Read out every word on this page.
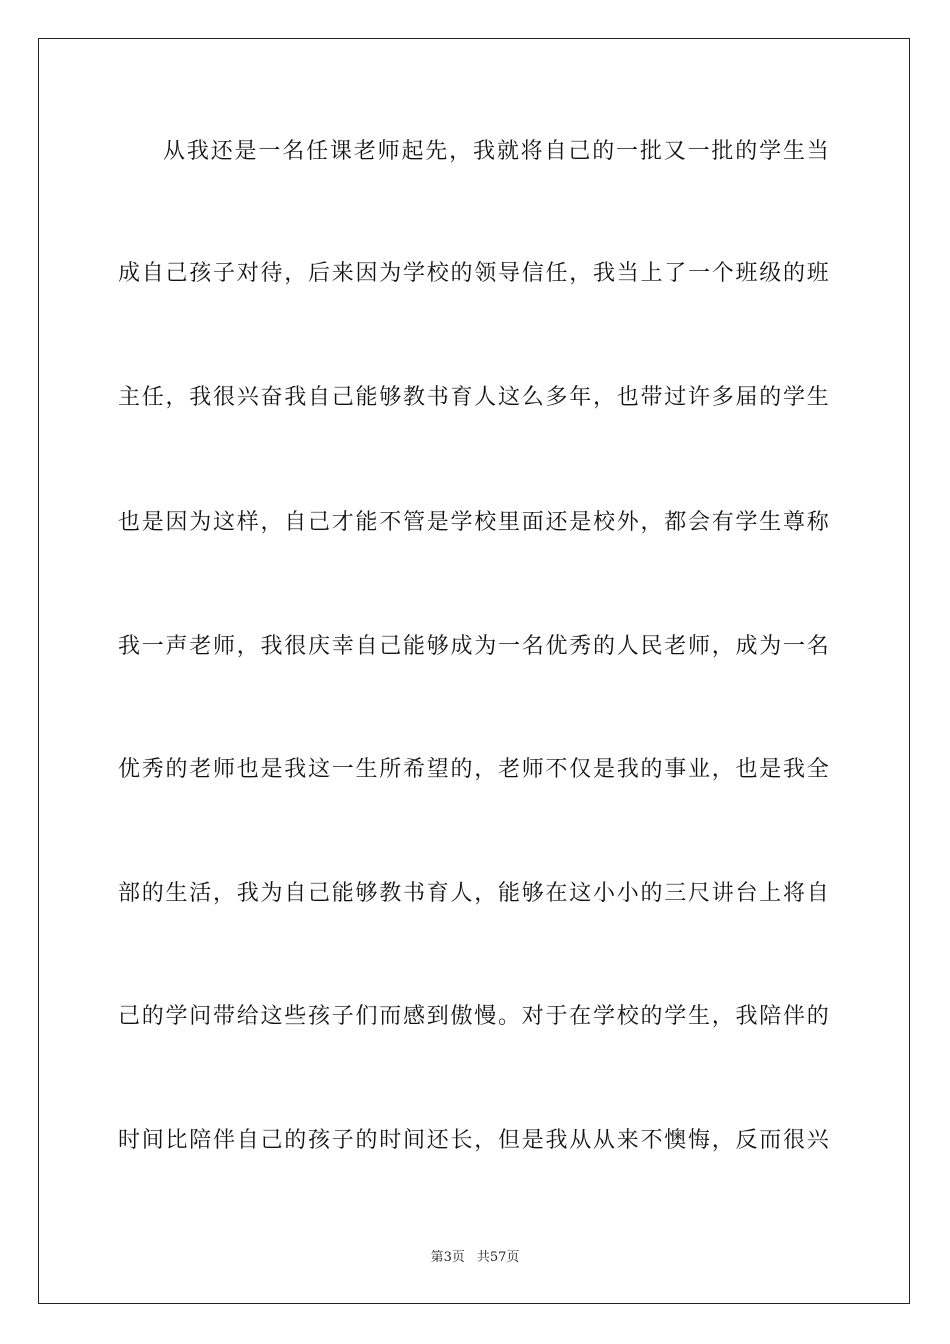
从我还是一名任课老师起先，我就将自己的一批又一批的学生当
成自己孩子对待，后来因为学校的领导信任，我当上了一个班级的班
主任，我很兴奋我自己能够教书育人这么多年，也带过许多届的学生
也是因为这样，自己才能不管是学校里面还是校外，都会有学生尊称
我一声老师，我很庆幸自己能够成为一名优秀的人民老师，成为一名
优秀的老师也是我这一生所希望的，老师不仅是我的事业，也是我全
部的生活，我为自己能够教书育人，能够在这小小的三尺讲台上将自
己的学问带给这些孩子们而感到傲慢。对于在学校的学生，我陪伴的
时间比陪伴自己的孩子的时间还长，但是我从从来不懊悔，反而很兴
第3页 共57页
